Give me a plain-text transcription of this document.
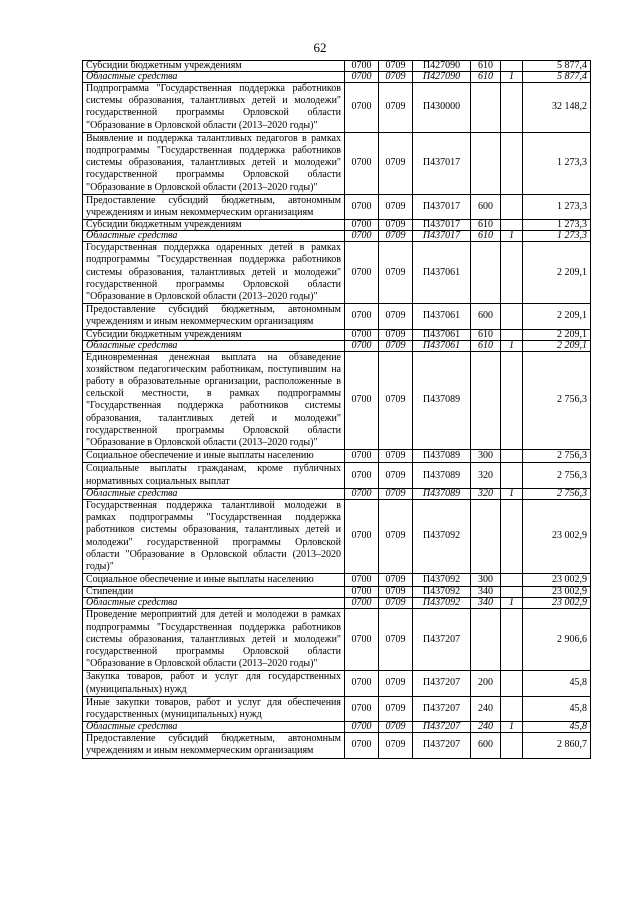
62
Субсидии бюджетным учреждениям	0700	0709	П427090	610		5 877,4
Областные средства	0700	0709	П427090	610	1	5 877,4
Подпрограмма "Государственная поддержка работников системы образования, талантливых детей и молодежи" государственной программы Орловской области "Образование в Орловской области (2013–2020 годы)"	0700	0709	П430000			32 148,2
Выявление и поддержка талантливых педагогов в рамках подпрограммы "Государственная поддержка работников системы образования, талантливых детей и молодежи" государственной программы Орловской области "Образование в Орловской области (2013–2020 годы)"	0700	0709	П437017			1 273,3
Предоставление субсидий бюджетным, автономным учреждениям и иным некоммерческим организациям	0700	0709	П437017	600		1 273,3
Субсидии бюджетным учреждениям	0700	0709	П437017	610		1 273,3
Областные средства	0700	0709	П437017	610	1	1 273,3
Государственная поддержка одаренных детей в рамках подпрограммы "Государственная поддержка работников системы образования, талантливых детей и молодежи" государственной программы Орловской области "Образование в Орловской области (2013–2020 годы)"	0700	0709	П437061			2 209,1
Предоставление субсидий бюджетным, автономным учреждениям и иным некоммерческим организациям	0700	0709	П437061	600		2 209,1
Субсидии бюджетным учреждениям	0700	0709	П437061	610		2 209,1
Областные средства	0700	0709	П437061	610	1	2 209,1
Единовременная денежная выплата на обзаведение хозяйством педагогическим работникам, поступившим на работу в образовательные организации, расположенные в сельской местности, в рамках подпрограммы "Государственная поддержка работников системы образования, талантливых детей и молодежи" государственной программы Орловской области "Образование в Орловской области (2013–2020 годы)"	0700	0709	П437089			2 756,3
Социальное обеспечение и иные выплаты населению	0700	0709	П437089	300		2 756,3
Социальные выплаты гражданам, кроме публичных нормативных социальных выплат	0700	0709	П437089	320		2 756,3
Областные средства	0700	0709	П437089	320	1	2 756,3
Государственная поддержка талантливой молодежи в рамках подпрограммы "Государственная поддержка работников системы образования, талантливых детей и молодежи" государственной программы Орловской области "Образование в Орловской области (2013–2020 годы)"	0700	0709	П437092			23 002,9
Социальное обеспечение и иные выплаты населению	0700	0709	П437092	300		23 002,9
Стипендии	0700	0709	П437092	340		23 002,9
Областные средства	0700	0709	П437092	340	1	23 002,9
Проведение мероприятий для детей и молодежи в рамках подпрограммы "Государственная поддержка работников системы образования, талантливых детей и молодежи" государственной программы Орловской области "Образование в Орловской области (2013–2020 годы)"	0700	0709	П437207			2 906,6
Закупка товаров, работ и услуг для государственных (муниципальных) нужд	0700	0709	П437207	200		45,8
Иные закупки товаров, работ и услуг для обеспечения государственных (муниципальных) нужд	0700	0709	П437207	240		45,8
Областные средства	0700	0709	П437207	240	1	45,8
Предоставление субсидий бюджетным, автономным учреждениям и иным некоммерческим организациям	0700	0709	П437207	600		2 860,7
